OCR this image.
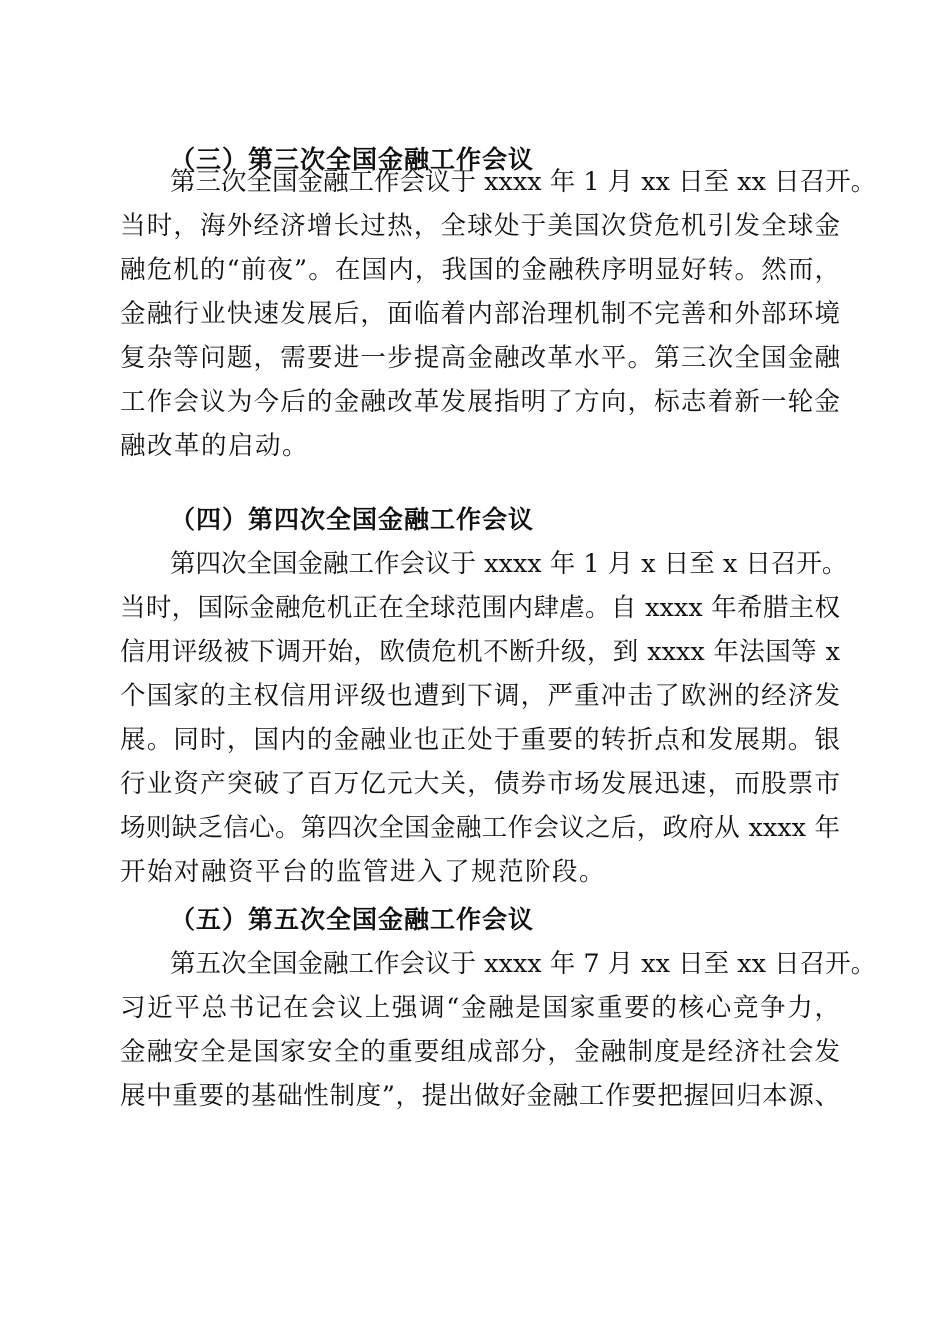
（三）第三次全国金融工作会议
第三次全国金融工作会议于 xxxx 年 1 月 xx 日至 xx 日召开。
当时，海外经济增长过热，全球处于美国次贷危机引发全球金
融危机的“前夜”。在国内，我国的金融秩序明显好转。然而，
金融行业快速发展后，面临着内部治理机制不完善和外部环境
复杂等问题，需要进一步提高金融改革水平。第三次全国金融
工作会议为今后的金融改革发展指明了方向，标志着新一轮金
融改革的启动。
（四）第四次全国金融工作会议
第四次全国金融工作会议于 xxxx 年 1 月 x 日至 x 日召开。
当时，国际金融危机正在全球范围内肆虐。自 xxxx 年希腊主权
信用评级被下调开始，欧债危机不断升级，到 xxxx 年法国等 x
个国家的主权信用评级也遭到下调，严重冲击了欧洲的经济发
展。同时，国内的金融业也正处于重要的转折点和发展期。银
行业资产突破了百万亿元大关，债券市场发展迅速，而股票市
场则缺乏信心。第四次全国金融工作会议之后，政府从 xxxx 年
开始对融资平台的监管进入了规范阶段。
（五）第五次全国金融工作会议
第五次全国金融工作会议于 xxxx 年 7 月 xx 日至 xx 日召开。
习近平总书记在会议上强调“金融是国家重要的核心竞争力，
金融安全是国家安全的重要组成部分，金融制度是经济社会发
展中重要的基础性制度”，提出做好金融工作要把握回归本源、
